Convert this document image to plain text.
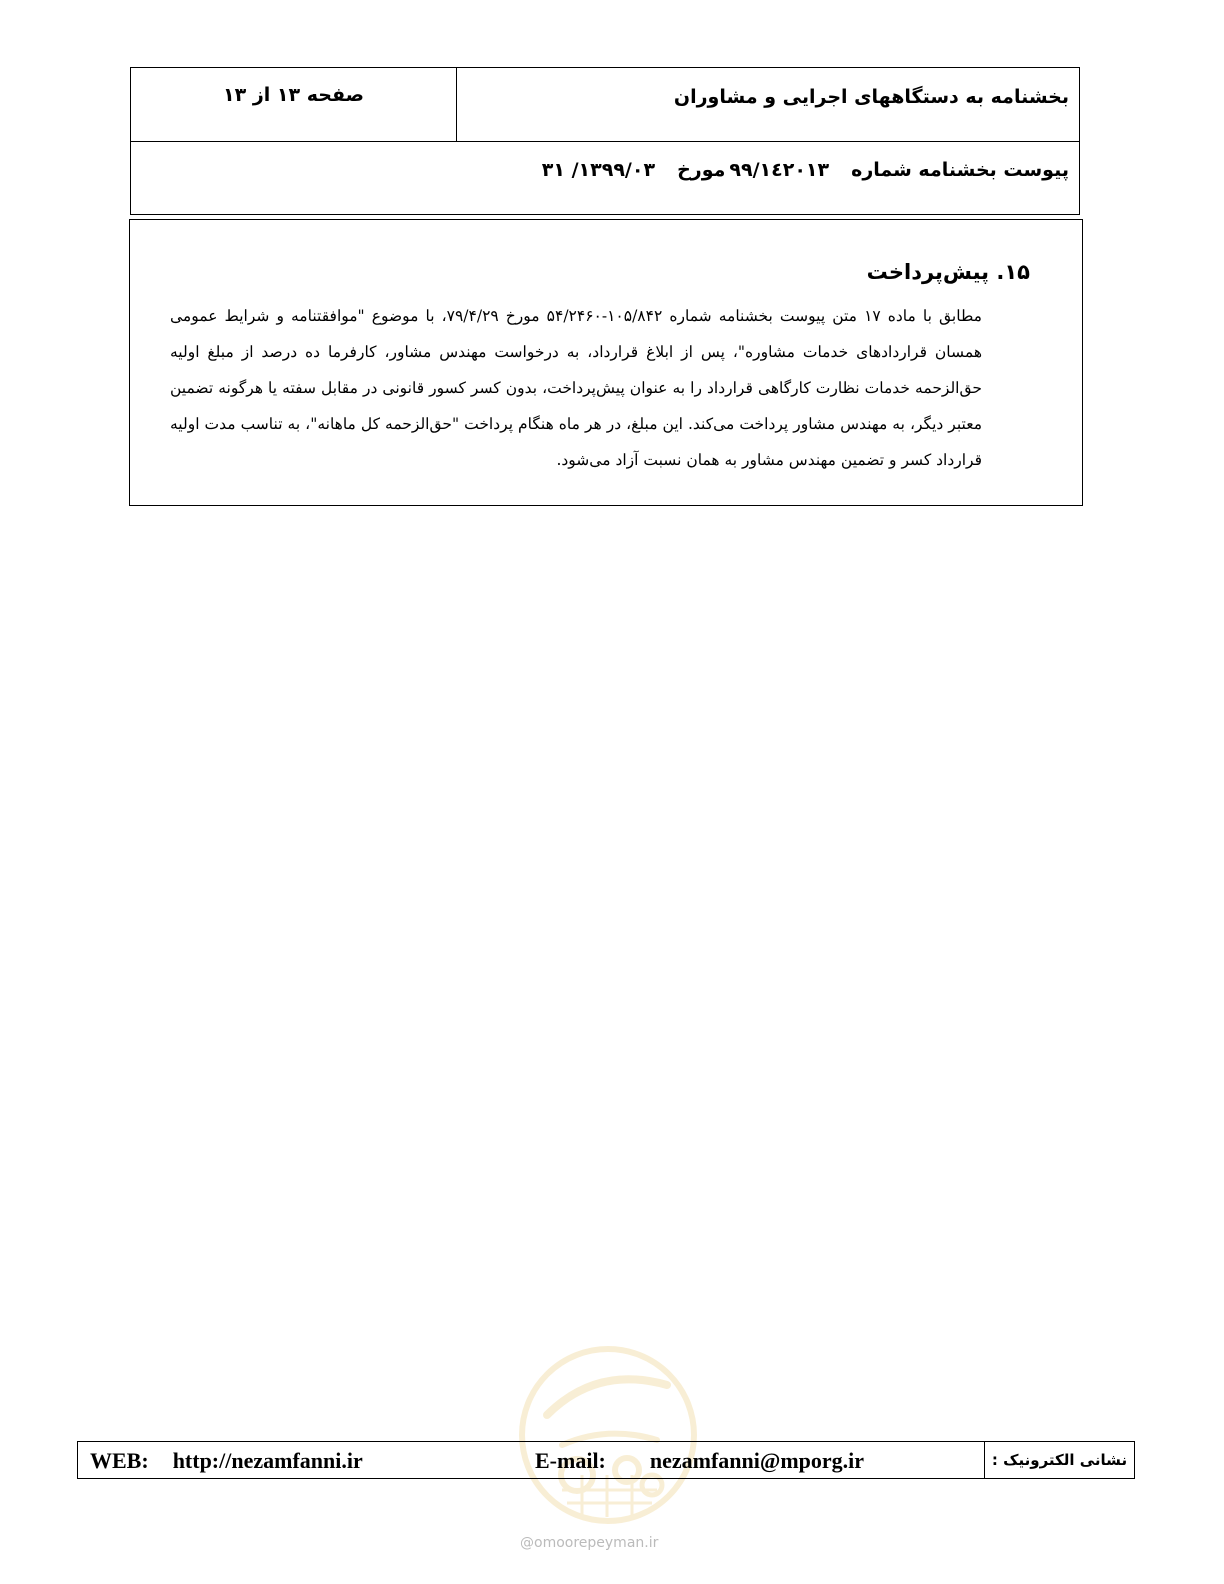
صفحه ۱۳ از ۱۳	بخشنامه به دستگاههای اجرایی و مشاوران
پیوست بخشنامه شماره۹۹/۱٤۲۰۱۳مورخ۱۳۹۹/۰۳/ ۳۱
۱۵. پیش‌پرداخت
مطابق با ماده ۱۷ متن پیوست بخشنامه شماره ۱۰۵/۸۴۲-۵۴/۲۴۶۰ مورخ ۷۹/۴/۲۹، با موضوع "موافقتنامه و شرایط عمومی همسان قراردادهای خدمات مشاوره"، پس از ابلاغ قرارداد، به درخواست مهندس مشاور، کارفرما ده درصد از مبلغ اولیه حق‌الزحمه خدمات نظارت کارگاهی قرارداد را به عنوان پیش‌پرداخت، بدون کسر کسور قانونی در مقابل سفته یا هرگونه تضمین معتبر دیگر، به مهندس مشاور پرداخت می‌کند. این مبلغ، در هر ماه هنگام پرداخت "حق‌الزحمه کل ماهانه"، به تناسب مدت اولیه قرارداد کسر و تضمین مهندس مشاور به همان نسبت آزاد می‌شود.
@omoorepeyman.ir
WEB: http://nezamfanni.ir	E-mail: nezamfanni@mporg.ir	نشانی الکترونیک :
